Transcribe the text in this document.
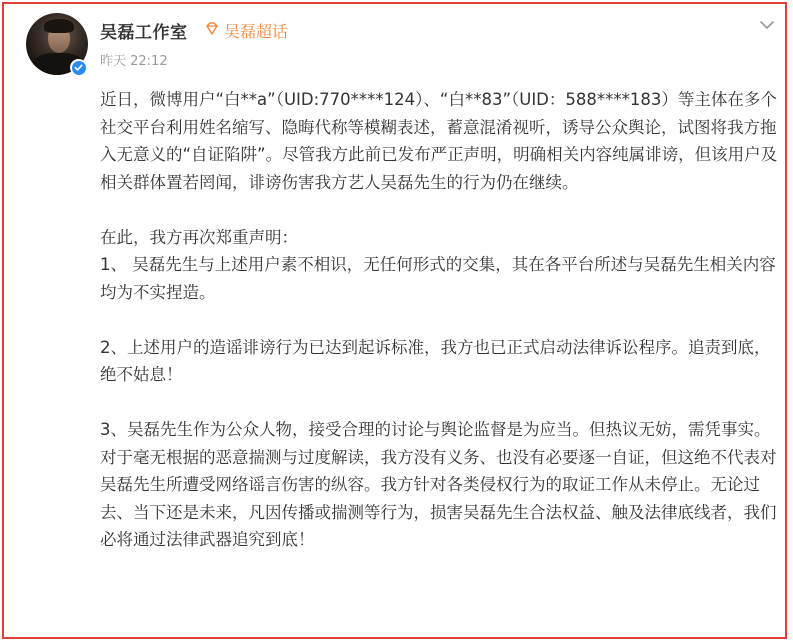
吴磊工作室 吴磊超话
昨天 22:12

近日，微博用户“白**a”（UID:770****124）、“白**83”（UID：588****183）等主体在多个社交平台利用姓名缩写、隐晦代称等模糊表述，蓄意混淆视听，诱导公众舆论，试图将我方拖入无意义的“自证陷阱”。尽管我方此前已发布严正声明，明确相关内容纯属诽谤，但该用户及相关群体置若罔闻，诽谤伤害我方艺人吴磊先生的行为仍在继续。

在此，我方再次郑重声明：

1、 吴磊先生与上述用户素不相识，无任何形式的交集，其在各平台所述与吴磊先生相关内容均为不实捏造。

2、上述用户的造谣诽谤行为已达到起诉标准，我方也已正式启动法律诉讼程序。追责到底，绝不姑息！

3、吴磊先生作为公众人物，接受合理的讨论与舆论监督是为应当。但热议无妨，需凭事实。对于毫无根据的恶意揣测与过度解读，我方没有义务、也没有必要逐一自证，但这绝不代表对吴磊先生所遭受网络谣言伤害的纵容。我方针对各类侵权行为的取证工作从未停止。无论过去、当下还是未来，凡因传播或揣测等行为，损害吴磊先生合法权益、触及法律底线者，我们必将通过法律武器追究到底！
